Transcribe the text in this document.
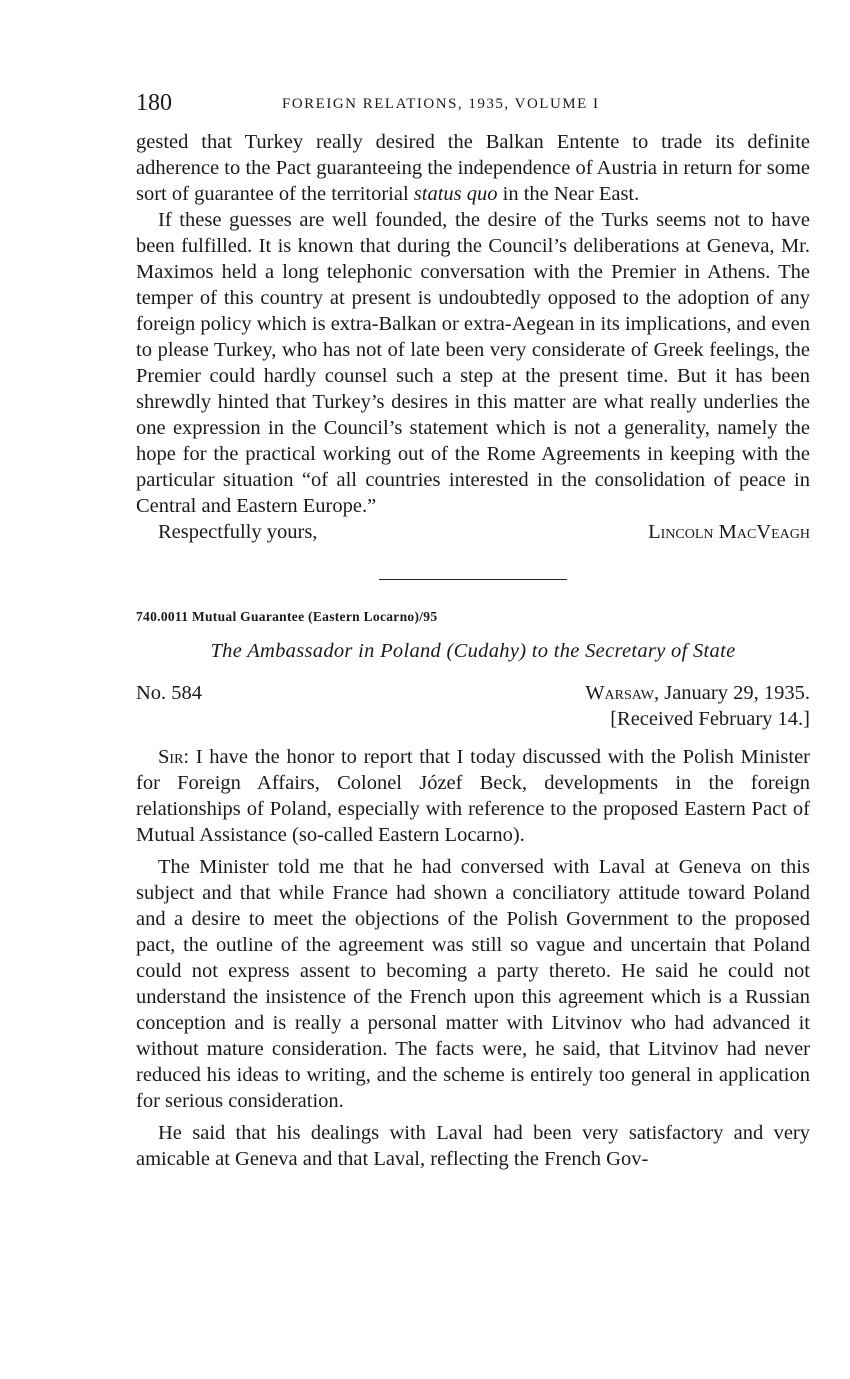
180	FOREIGN RELATIONS, 1935, VOLUME I

gested that Turkey really desired the Balkan Entente to trade its definite adherence to the Pact guaranteeing the independence of Austria in return for some sort of guarantee of the territorial status quo in the Near East.

If these guesses are well founded, the desire of the Turks seems not to have been fulfilled. It is known that during the Council’s deliberations at Geneva, Mr. Maximos held a long telephonic conversation with the Premier in Athens. The temper of this country at present is undoubtedly opposed to the adoption of any foreign policy which is extra-Balkan or extra-Aegean in its implications, and even to please Turkey, who has not of late been very considerate of Greek feelings, the Premier could hardly counsel such a step at the present time. But it has been shrewdly hinted that Turkey’s desires in this matter are what really underlies the one expression in the Council’s statement which is not a generality, namely the hope for the practical working out of the Rome Agreements in keeping with the particular situation “of all countries interested in the consolidation of peace in Central and Eastern Europe.”

Respectfully yours,	Lincoln MacVeagh
740.0011 Mutual Guarantee (Eastern Locarno)/95
The Ambassador in Poland (Cudahy) to the Secretary of State
No. 584	Warsaw, January 29, 1935.
[Received February 14.]

Sir: I have the honor to report that I today discussed with the Polish Minister for Foreign Affairs, Colonel Józef Beck, developments in the foreign relationships of Poland, especially with reference to the proposed Eastern Pact of Mutual Assistance (so-called Eastern Locarno).

The Minister told me that he had conversed with Laval at Geneva on this subject and that while France had shown a conciliatory attitude toward Poland and a desire to meet the objections of the Polish Government to the proposed pact, the outline of the agreement was still so vague and uncertain that Poland could not express assent to becoming a party thereto. He said he could not understand the insistence of the French upon this agreement which is a Russian conception and is really a personal matter with Litvinov who had advanced it without mature consideration. The facts were, he said, that Litvinov had never reduced his ideas to writing, and the scheme is entirely too general in application for serious consideration.

He said that his dealings with Laval had been very satisfactory and very amicable at Geneva and that Laval, reflecting the French Gov-
